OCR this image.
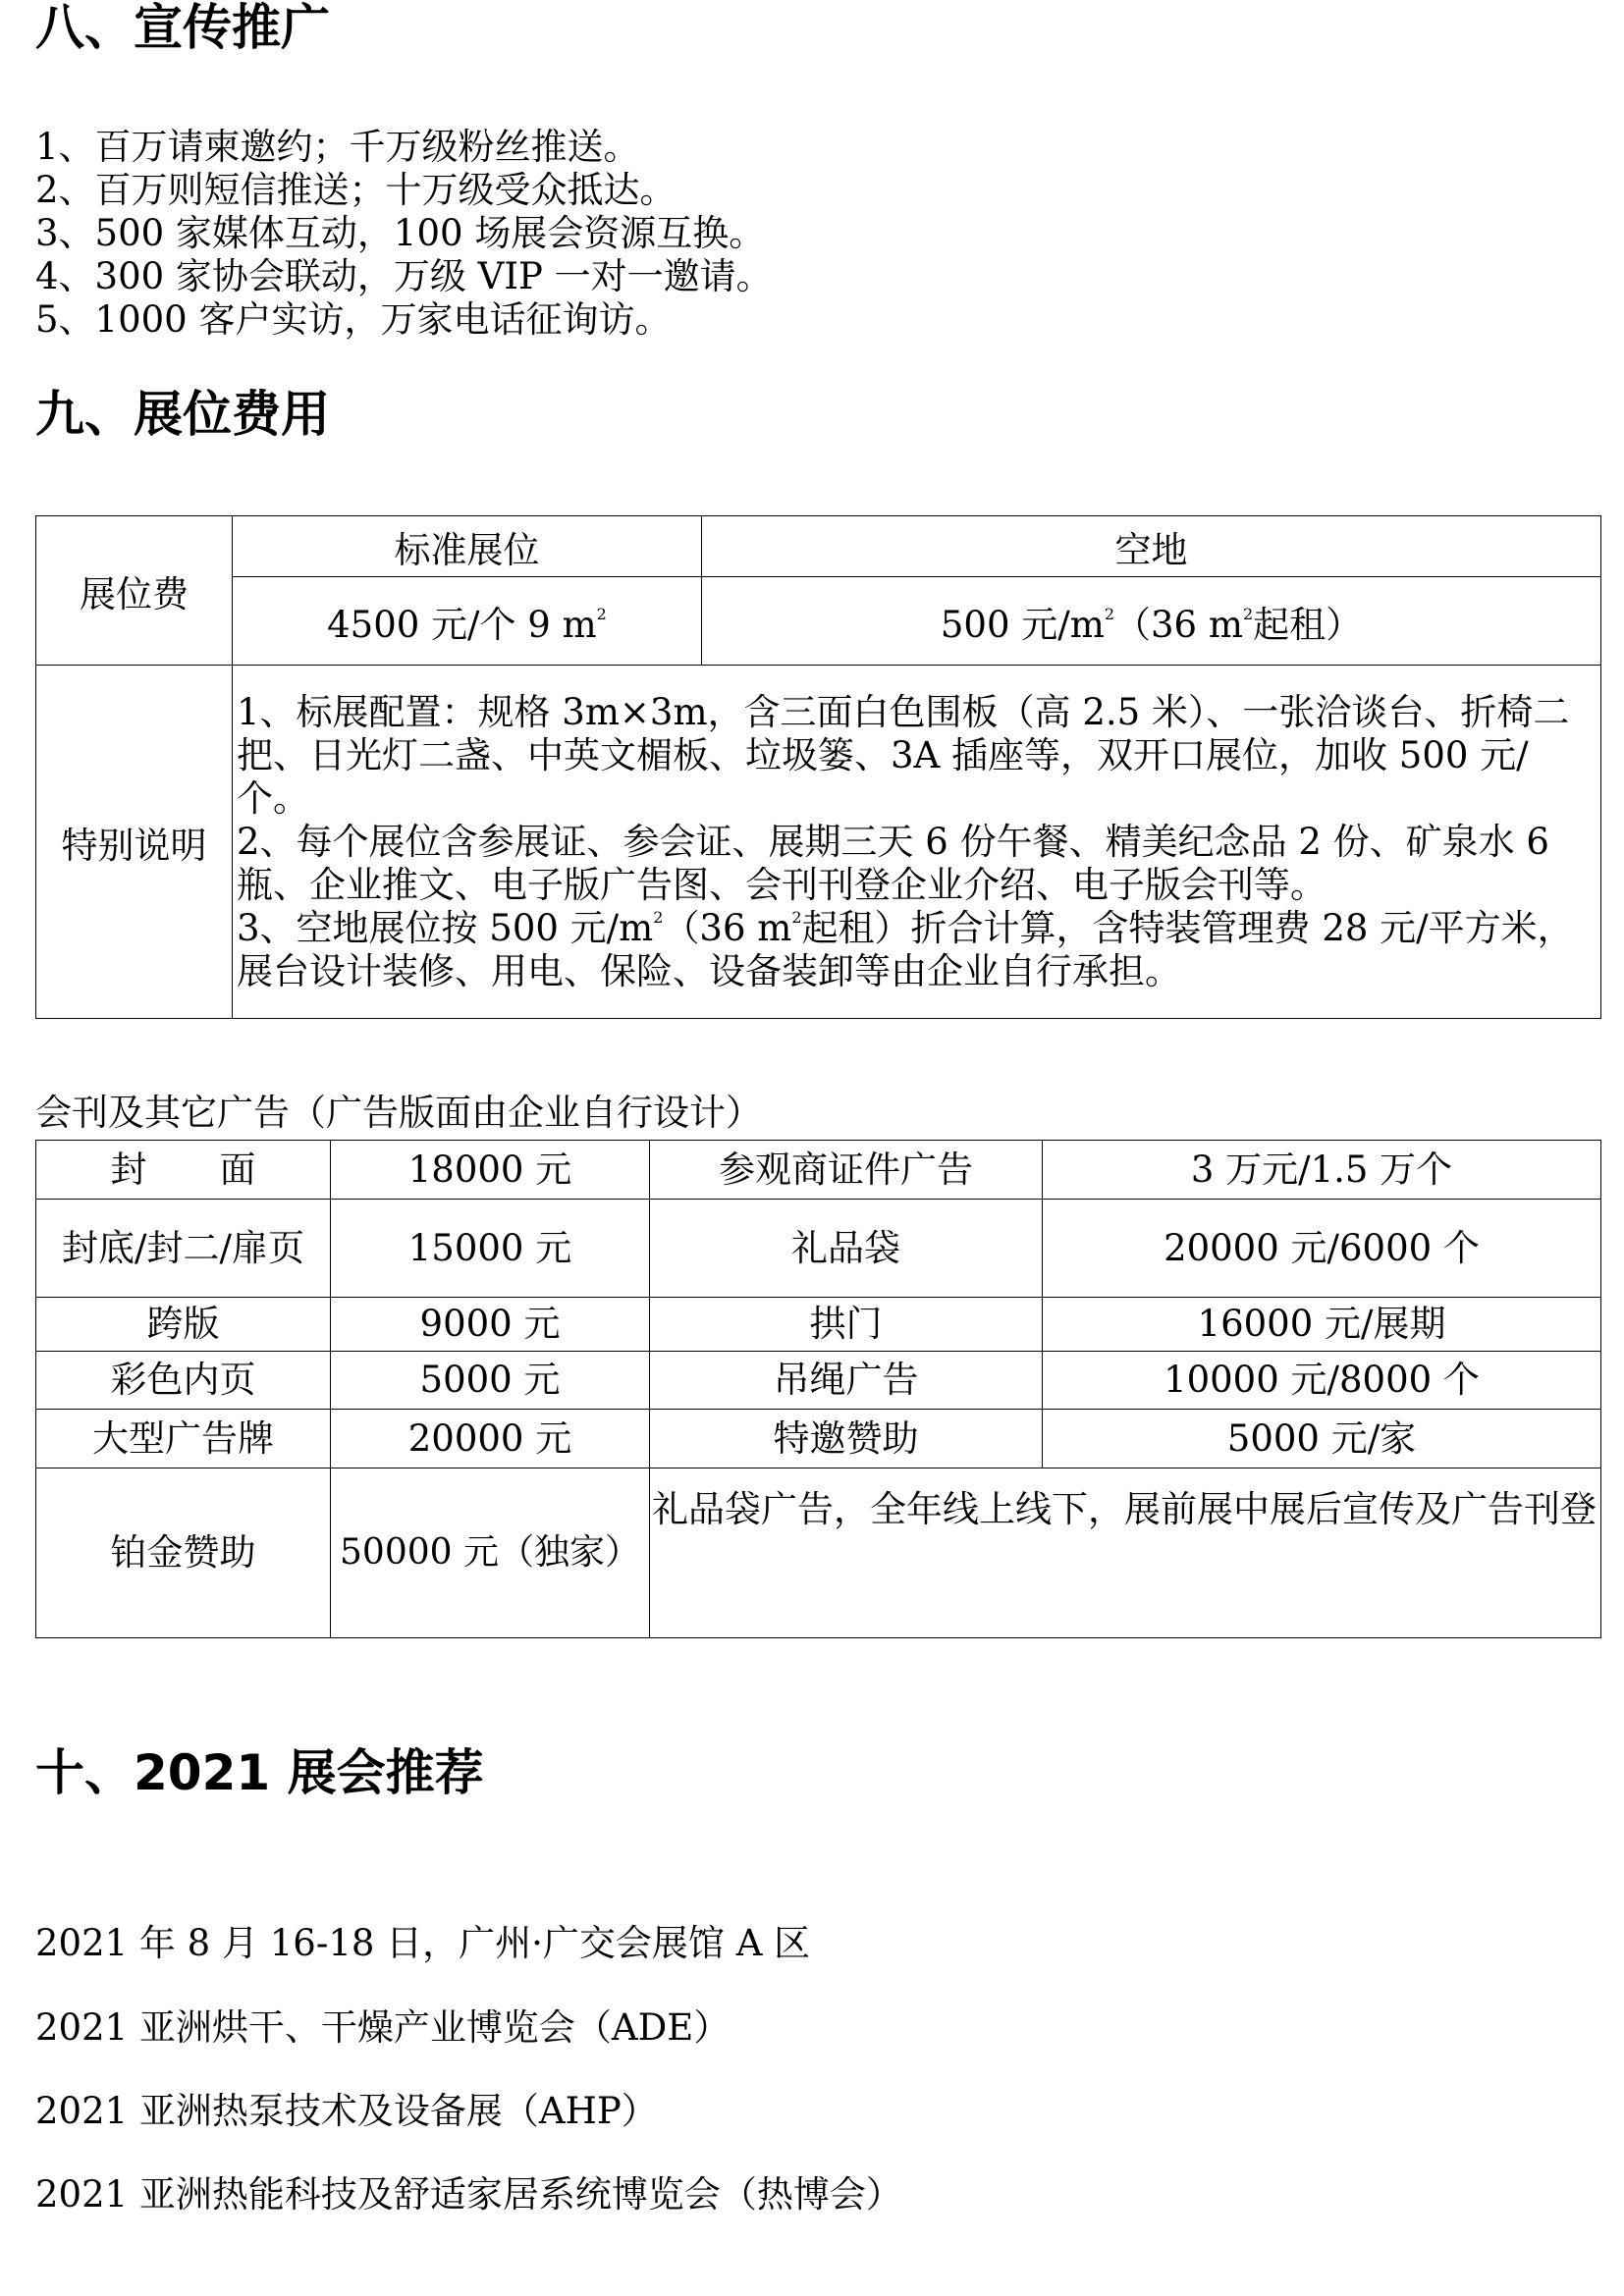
八、宣传推广
1、百万请柬邀约；千万级粉丝推送。
2、百万则短信推送；十万级受众抵达。
3、500 家媒体互动，100 场展会资源互换。
4、300 家协会联动，万级 VIP 一对一邀请。
5、1000 客户实访，万家电话征询访。
九、展位费用
展位费	标准展位	空地
	4500 元/个 9 $m^2$	500 元$/m^2(36$ $m^2$起租）
特别说明	1、标展配置：规格 3m×3m，含三面白色围板（高 2.5 米）、一张洽谈台、折椅二把、日光灯二盏、中英文楣板、垃圾篓、3A 插座等，双开口展位，加收 500 元/个。

2、每个展位含参展证、参会证、展期三天 6 份午餐、精美纪念品 2 份、矿泉水 6 瓶、企业推文、电子版广告图、会刊刊登企业介绍、电子版会刊等。

3、空地展位按 500 元$/m^2(36$ $m^2$起租）折合计算，含特装管理费 28 元/平方米，展台设计装修、用电、保险、设备装卸等由企业自行承担。	

会刊及其它广告（广告版面由企业自行设计）

封　　面	18000 元	参观商证件广告	3 万元/1.5 万个
封底/封二/扉页	15000 元	礼品袋	20000 元/6000 个
跨版	9000 元	拱门	16000 元/展期
彩色内页	5000 元	吊绳广告	10000 元/8000 个
大型广告牌	20000 元	特邀赞助	5000 元/家
铂金赞助	50000 元（独家）	礼品袋广告，全年线上线下，展前展中展后宣传及广告刊登	
十、2021 展会推荐
2021 年 8 月 16-18 日，广州·广交会展馆 A 区
2021 亚洲烘干、干燥产业博览会（ADE）
2021 亚洲热泵技术及设备展（AHP）
2021 亚洲热能科技及舒适家居系统博览会（热博会）
